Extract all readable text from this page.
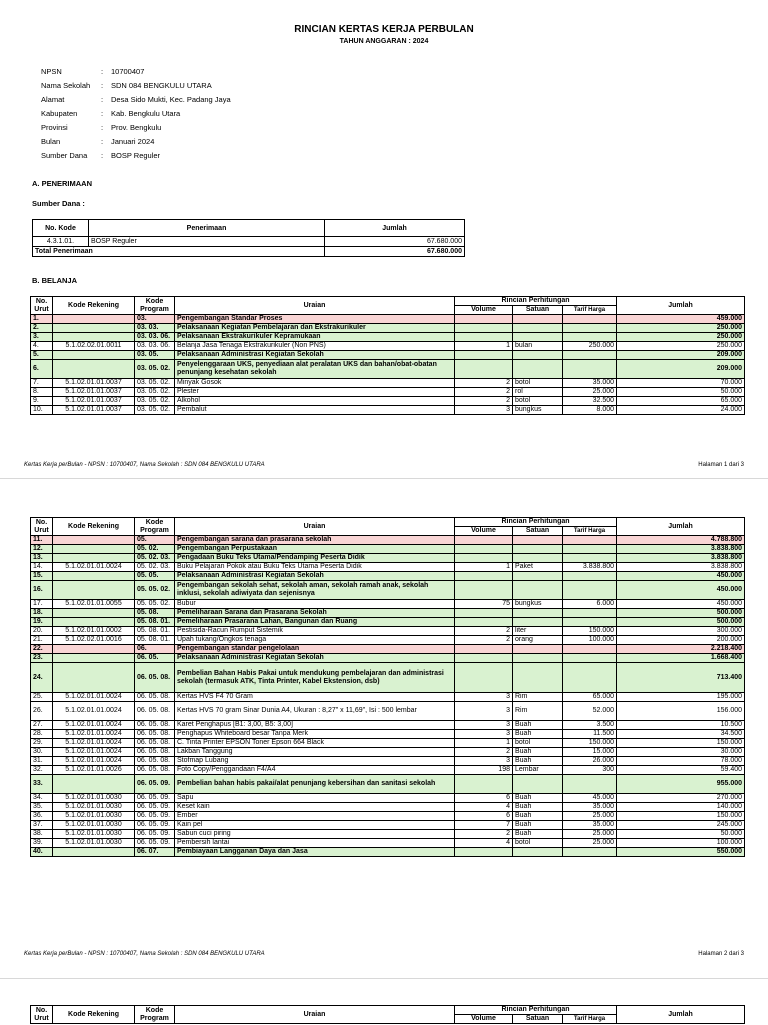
RINCIAN KERTAS KERJA PERBULAN
TAHUN ANGGARAN : 2024
NPSN	:	10700407
Nama Sekolah	:	SDN 084 BENGKULU UTARA
Alamat	:	Desa Sido Mukti, Kec. Padang Jaya
Kabupaten	:	Kab. Bengkulu Utara
Provinsi	:	Prov. Bengkulu
Bulan	:	Januari 2024
Sumber Dana	:	BOSP Reguler
A. PENERIMAAN
Sumber Dana :
No. Kode	Penerimaan	Jumlah
4.3.1.01.	BOSP Reguler	67.680.000
Total Penerimaan		67.680.000
B. BELANJA
No. Urut	Kode Rekening	Kode Program	Uraian	Rincian Perhitungan			Jumlah
				Volume	Satuan	Tarif Harga	
1.		03.	Pengembangan Standar Proses				459.000
2.		03. 03.	Pelaksanaan Kegiatan Pembelajaran dan Ekstrakurikuler				250.000
3.		03. 03. 06.	Pelaksanaan Ekstrakurikuler Kepramukaan				250.000
4.	5.1.02.02.01.0011	03. 03. 06.	Belanja Jasa Tenaga Ekstrakurikuler (Non PNS)	1	bulan	250.000	250.000
5.		03. 05.	Pelaksanaan Administrasi Kegiatan Sekolah				209.000
6.		03. 05. 02.	Penyelenggaraan UKS, penyediaan alat peralatan UKS dan bahan/obat-obatan penunjang kesehatan sekolah				209.000
7.	5.1.02.01.01.0037	03. 05. 02.	Minyak Gosok	2	botol	35.000	70.000
8.	5.1.02.01.01.0037	03. 05. 02.	Plester	2	rol	25.000	50.000
9.	5.1.02.01.01.0037	03. 05. 02.	Alkohol	2	botol	32.500	65.000
10.	5.1.02.01.01.0037	03. 05. 02.	Pembalut	3	bungkus	8.000	24.000
Kertas Kerja perBulan - NPSN : 10700407, Nama Sekolah : SDN 084 BENGKULU UTARA	Halaman 1 dari 3
No. Urut	Kode Rekening	Kode Program	Uraian	Rincian Perhitungan			Jumlah
				Volume	Satuan	Tarif Harga	
11.		05.	Pengembangan sarana dan prasarana sekolah				4.788.800
12.		05. 02.	Pengembangan Perpustakaan				3.838.800
13.		05. 02. 03.	Pengadaan Buku Teks Utama/Pendamping Peserta Didik				3.838.800
14.	5.1.02.01.01.0024	05. 02. 03.	Buku Pelajaran Pokok atau Buku Teks Utama Peserta Didik	1	Paket	3.838.800	3.838.800
15.		05. 05.	Pelaksanaan Administrasi Kegiatan Sekolah				450.000
16.		05. 05. 02.	Pengembangan sekolah sehat, sekolah aman, sekolah ramah anak, sekolah inklusi, sekolah adiwiyata dan sejenisnya				450.000
17.	5.1.02.01.01.0055	05. 05. 02.	Bubur	75	bungkus	6.000	450.000
18.		05. 08.	Pemeliharaan Sarana dan Prasarana Sekolah				500.000
19.		05. 08. 01.	Pemeliharaan Prasarana Lahan, Bangunan dan Ruang				500.000
20.	5.1.02.01.01.0002	05. 08. 01.	Pestisida-Racun Rumput Sistemik	2	liter	150.000	300.000
21.	5.1.02.02.01.0016	05. 08. 01.	Upah tukang/Ongkos tenaga	2	orang	100.000	200.000
22.		06.	Pengembangan standar pengelolaan				2.218.400
23.		06. 05.	Pelaksanaan Administrasi Kegiatan Sekolah				1.668.400
24.		06. 05. 08.	Pembelian Bahan Habis Pakai untuk mendukung pembelajaran dan administrasi sekolah (termasuk ATK, Tinta Printer, Kabel Ekstension, dsb)				713.400
25.	5.1.02.01.01.0024	06. 05. 08.	Kertas HVS F4 70 Gram	3	Rim	65.000	195.000
26.	5.1.02.01.01.0024	06. 05. 08.	Kertas HVS 70 gram Sinar Dunia A4, Ukuran : 8,27" x 11,69", Isi : 500 lembar	3	Rim	52.000	156.000
27.	5.1.02.01.01.0024	06. 05. 08.	Karet Penghapus [B1: 3,00, B5: 3,00]	3	Buah	3.500	10.500
28.	5.1.02.01.01.0024	06. 05. 08.	Penghapus Whiteboard besar Tanpa Merk	3	Buah	11.500	34.500
29.	5.1.02.01.01.0024	06. 05. 08.	C. Tinta Printer EPSON Toner Epson 664 Black	1	botol	150.000	150.000
30.	5.1.02.01.01.0024	06. 05. 08.	Lakban Tanggung	2	Buah	15.000	30.000
31.	5.1.02.01.01.0024	06. 05. 08.	Stofmap Lubang	3	Buah	26.000	78.000
32.	5.1.02.01.01.0026	06. 05. 08.	Foto Copy/Penggandaan F4/A4	198	Lembar	300	59.400
33.		06. 05. 09.	Pembelian bahan habis pakai/alat penunjang kebersihan dan sanitasi sekolah				955.000
34.	5.1.02.01.01.0030	06. 05. 09.	Sapu	6	Buah	45.000	270.000
35.	5.1.02.01.01.0030	06. 05. 09.	Keset kain	4	Buah	35.000	140.000
36.	5.1.02.01.01.0030	06. 05. 09.	Ember	6	Buah	25.000	150.000
37.	5.1.02.01.01.0030	06. 05. 09.	Kain pel	7	Buah	35.000	245.000
38.	5.1.02.01.01.0030	06. 05. 09.	Sabun cuci piring	2	Buah	25.000	50.000
39.	5.1.02.01.01.0030	06. 05. 09.	Pembersih lantai	4	botol	25.000	100.000
40.		06. 07.	Pembiayaan Langganan Daya dan Jasa				550.000
Kertas Kerja perBulan - NPSN : 10700407, Nama Sekolah : SDN 084 BENGKULU UTARA	Halaman 2 dari 3
No. Urut	Kode Rekening	Kode Program	Uraian	Rincian Perhitungan			Jumlah
				Volume	Satuan	Tarif Harga	
